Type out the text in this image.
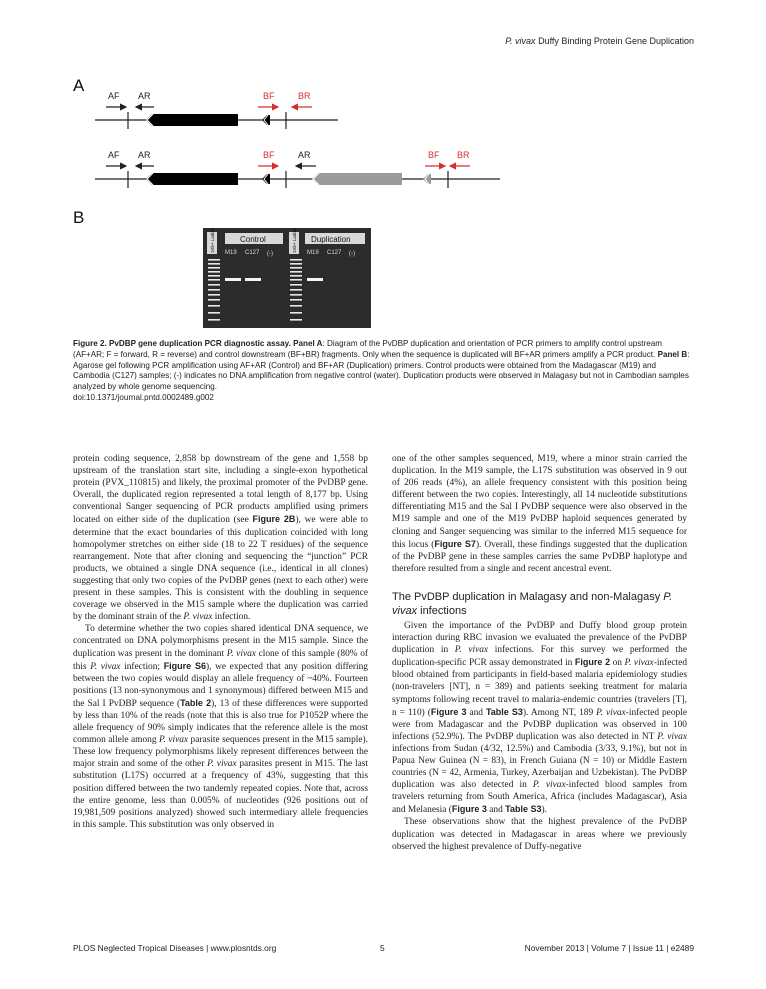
P. vivax Duffy Binding Protein Gene Duplication
A
B
AF AR	BF	BR
AF AR	BF	AR	BF BR
Control	Duplication
1Kb+ Ladder	1Kb+ Ladder
M19 C127 (-)	M19 C127 (-)
Figure 2. PvDBP gene duplication PCR diagnostic assay. Panel A: Diagram of the PvDBP duplication and orientation of PCR primers to amplify control upstream (AF+AR; F = forward, R = reverse) and control downstream (BF+BR) fragments. Only when the sequence is duplicated will BF+AR primers amplify a PCR product. Panel B: Agarose gel following PCR amplification using AF+AR (Control) and BF+AR (Duplication) primers. Control products were obtained from the Madagascar (M19) and Cambodia (C127) samples; (-) indicates no DNA amplification from negative control (water). Duplication products were observed in Malagasy but not in Cambodian samples analyzed by whole genome sequencing.
doi:10.1371/journal.pntd.0002489.g002

protein coding sequence, 2,858 bp downstream of the gene and 1,558 bp upstream of the translation start site, including a single-exon hypothetical protein (PVX_110815) and likely, the proximal promoter of the PvDBP gene. Overall, the duplicated region represented a total length of 8,177 bp. Using conventional Sanger sequencing of PCR products amplified using primers located on either side of the duplication (see Figure 2B), we were able to determine that the exact boundaries of this duplication coincided with long homopolymer stretches on either side (18 to 22 T residues) of the sequence rearrangement. Note that after cloning and sequencing the “junction” PCR products, we obtained a single DNA sequence (i.e., identical in all clones) suggesting that only two copies of the PvDBP genes (next to each other) were present in these samples. This is consistent with the doubling in sequence coverage we observed in the M15 sample where the duplication was carried by the dominant strain of the P. vivax infection.

To determine whether the two copies shared identical DNA sequence, we concentrated on DNA polymorphisms present in the M15 sample. Since the duplication was present in the dominant P. vivax clone of this sample (80% of this P. vivax infection; Figure S6), we expected that any position differing between the two copies would display an allele frequency of ~40%. Fourteen positions (13 non-synonymous and 1 synonymous) differed between M15 and the Sal I PvDBP sequence (Table 2), 13 of these differences were supported by less than 10% of the reads (note that this is also true for P1052P where the allele frequency of 90% simply indicates that the reference allele is the most common allele among P. vivax parasite sequences present in the M15 sample). These low frequency polymorphisms likely represent differences between the major strain and some of the other P. vivax parasites present in M15. The last substitution (L17S) occurred at a frequency of 43%, suggesting that this position differed between the two tandemly repeated copies. Note that, across the entire genome, less than 0.005% of nucleotides (926 positions out of 19,981,509 positions analyzed) showed such intermediary allele frequencies in this sample. This substitution was only observed in

one of the other samples sequenced, M19, where a minor strain carried the duplication. In the M19 sample, the L17S substitution was observed in 9 out of 206 reads (4%), an allele frequency consistent with this position being different between the two copies. Interestingly, all 14 nucleotide substitutions differentiating M15 and the Sal I PvDBP sequence were also observed in the M19 sample and one of the M19 PvDBP haploid sequences generated by cloning and Sanger sequencing was similar to the inferred M15 sequence for this locus (Figure S7). Overall, these findings suggested that the duplication of the PvDBP gene in these samples carries the same PvDBP haplotype and therefore resulted from a single and recent ancestral event.

The PvDBP duplication in Malagasy and non-Malagasy P. vivax infections

Given the importance of the PvDBP and Duffy blood group protein interaction during RBC invasion we evaluated the prevalence of the PvDBP duplication in P. vivax infections. For this survey we performed the duplication-specific PCR assay demonstrated in Figure 2 on P. vivax-infected blood obtained from participants in field-based malaria epidemiology studies (non-travelers [NT], n = 389) and patients seeking treatment for malaria symptoms following recent travel to malaria-endemic countries (travelers [T], n = 110) (Figure 3 and Table S3). Among NT, 189 P. vivax-infected people were from Madagascar and the PvDBP duplication was observed in 100 infections (52.9%). The PvDBP duplication was also detected in NT P. vivax infections from Sudan (4/32, 12.5%) and Cambodia (3/33, 9.1%), but not in Papua New Guinea (N = 83), in French Guiana (N = 10) or Middle Eastern countries (N = 42, Armenia, Turkey, Azerbaijan and Uzbekistan). The PvDBP duplication was also detected in P. vivax-infected blood samples from travelers returning from South America, Africa (includes Madagascar), Asia and Melanesia (Figure 3 and Table S3).

These observations show that the highest prevalence of the PvDBP duplication was detected in Madagascar in areas where we previously observed the highest prevalence of Duffy-negative

PLOS Neglected Tropical Diseases | www.plosntds.org	5	November 2013 | Volume 7 | Issue 11 | e2489
